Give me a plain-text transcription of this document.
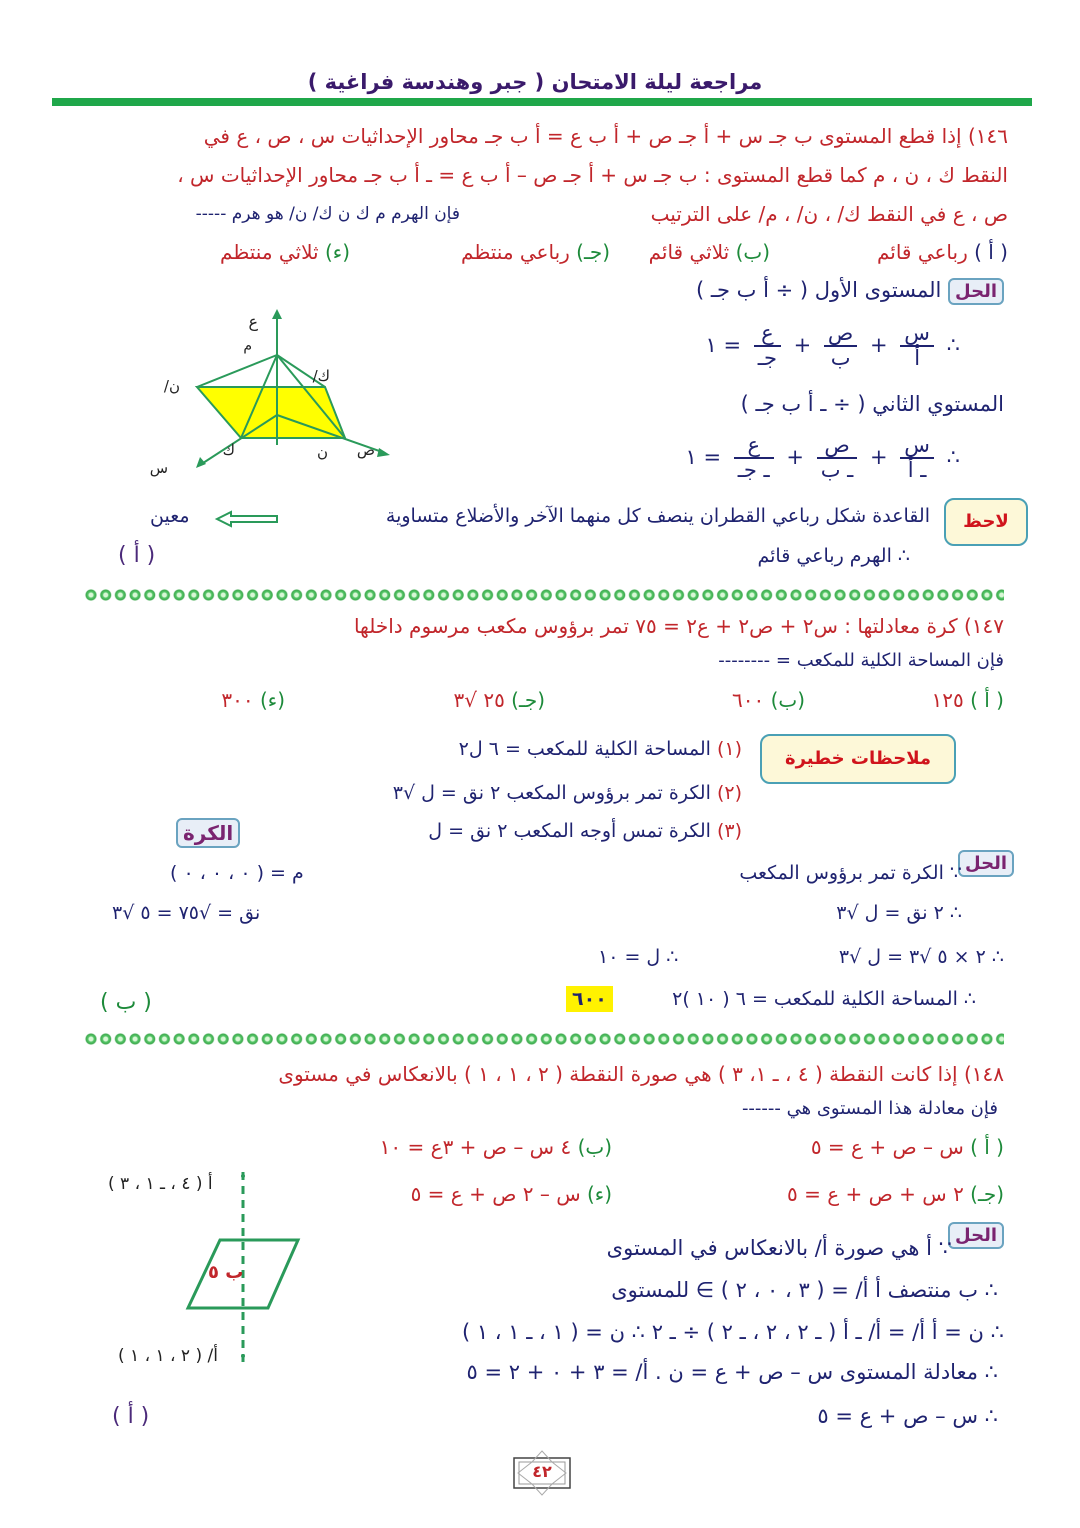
مراجعة ليلة الامتحان ( جبر وهندسة فراغية )
١٤٦) إذا قطع المستوى ب جـ س + أ جـ ص + أ ب ع = أ ب جـ محاور الإحداثيات س ، ص ، ع في
النقط ك ، ن ، م كما قطع المستوى : ب جـ س + أ جـ ص – أ ب ع = ـ أ ب جـ محاور الإحداثيات س ،
ص ، ع في النقط ك/ ، ن/ ، م/ على الترتيب
فإن الهرم م ك ن ك/ ن/ هو هرم -----
( أ ) رباعي قائم
(ب) ثلاثي قائم
(جـ) رباعي منتظم
(ء) ثلاثي منتظم
الحل المستوى الأول ( ÷ أ ب جـ )
∴
$\frac{\text{س}}{\text{أ}}$
+
$\frac{\text{ص}}{\text{ب}}$
+
$\frac{\text{ع}}{\text{جـ}}$
= ١
المستوي الثاني ( ÷ ـ أ ب جـ )
∴
$\frac{\text{س}}{\text{ـ أ}}$
+
$\frac{\text{ص}}{\text{ـ ب}}$
+
$\frac{\text{ع}}{\text{ـ جـ}}$
= ١
ع
م
ن/
ك/
ك	ن ص
س
لاحظ
القاعدة شكل رباعي القطران ينصف كل منهما الآخر والأضلاع متساوية
معين
∴ الهرم رباعي قائم
( أ )
١٤٧) كرة معادلتها : س٢ + ص٢ + ع٢ = ٧٥ تمر برؤوس مكعب مرسوم داخلها
فإن المساحة الكلية للمكعب = --------
( أ ) ١٢٥
(ب) ٦٠٠
(جـ) ٢٥ √٣
(ء) ٣٠٠
ملاحظات خطيرة
(١) المساحة الكلية للمكعب = ٦ ل٢
(٢) الكرة تمر برؤوس المكعب ٢ نق = ل √٣
(٣) الكرة تمس أوجه المكعب ٢ نق = ل
الكرة
الحل
∵ الكرة تمر برؤوس المكعب
م = ( ٠ ، ٠ ، ٠ )
∴ ٢ نق = ل √٣
نق = √٧٥ = ٥ √٣
∴ ٢ × ٥ √٣ = ل √٣
∴ ل = ١٠
∴ المساحة الكلية للمكعب = ٦ ( ١٠ )٢
٦٠٠
( ب )
١٤٨) إذا كانت النقطة ( ٤ ، ـ ١، ٣ ) هي صورة النقطة ( ٢ ، ١ ، ١ ) بالانعكاس في مستوى
فإن معادلة هذا المستوى هي ------
( أ ) س – ص + ع = ٥
(ب) ٤ س – ص + ٣ع = ١٠
(جـ) ٢ س + ص + ع = ٥
(ء) س – ٢ ص + ع = ٥
أ ( ٤ ، ـ ١ ، ٣ )
ب ٥
أ/ ( ٢ ، ١ ، ١ )
الحل
∵ أ هي صورة أ/ بالانعكاس في المستوى
∴ ب منتصف أ أ/ = ( ٣ ، ٠ ، ٢ ) ∋ للمستوى
∴ ن = أ أ/ = أ/ ـ أ ( ـ ٢ ، ٢ ، ـ ٢ ) ÷ ـ ٢ ∴ ن = ( ١ ، ـ ١ ، ١ )
∴ معادلة المستوى س – ص + ع = ن . أ/ = ٣ + ٠ + ٢ = ٥
∴ س – ص + ع = ٥
( أ )
٤٢
